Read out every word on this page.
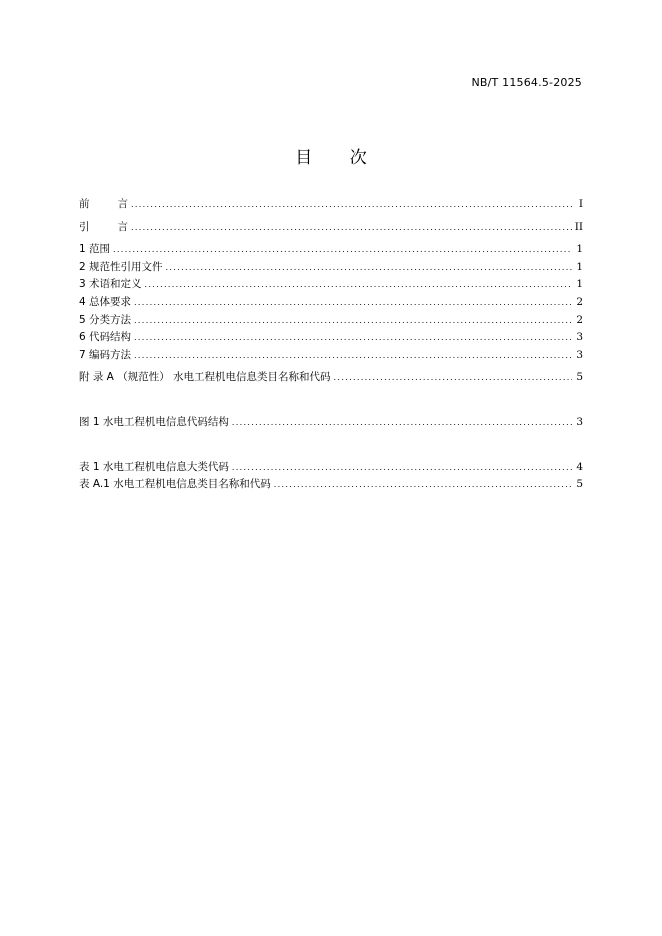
NB/T 11564.5-2025
目 次
前	言 . . .	I
引	言 . . .	II
1 范围 . . .	1
2 规范性引用文件 . . .	1
3 术语和定义 . . .	1
4 总体要求 . . .	2
5 分类方法 . . .	2
6 代码结构 . . .	3
7 编码方法 . . .	3
附 录 A （规范性） 水电工程机电信息类目名称和代码 . . .	5
图 1 水电工程机电信息代码结构 . . .	3
表 1 水电工程机电信息大类代码 . . .	4
表 A.1 水电工程机电信息类目名称和代码 . . .	5
